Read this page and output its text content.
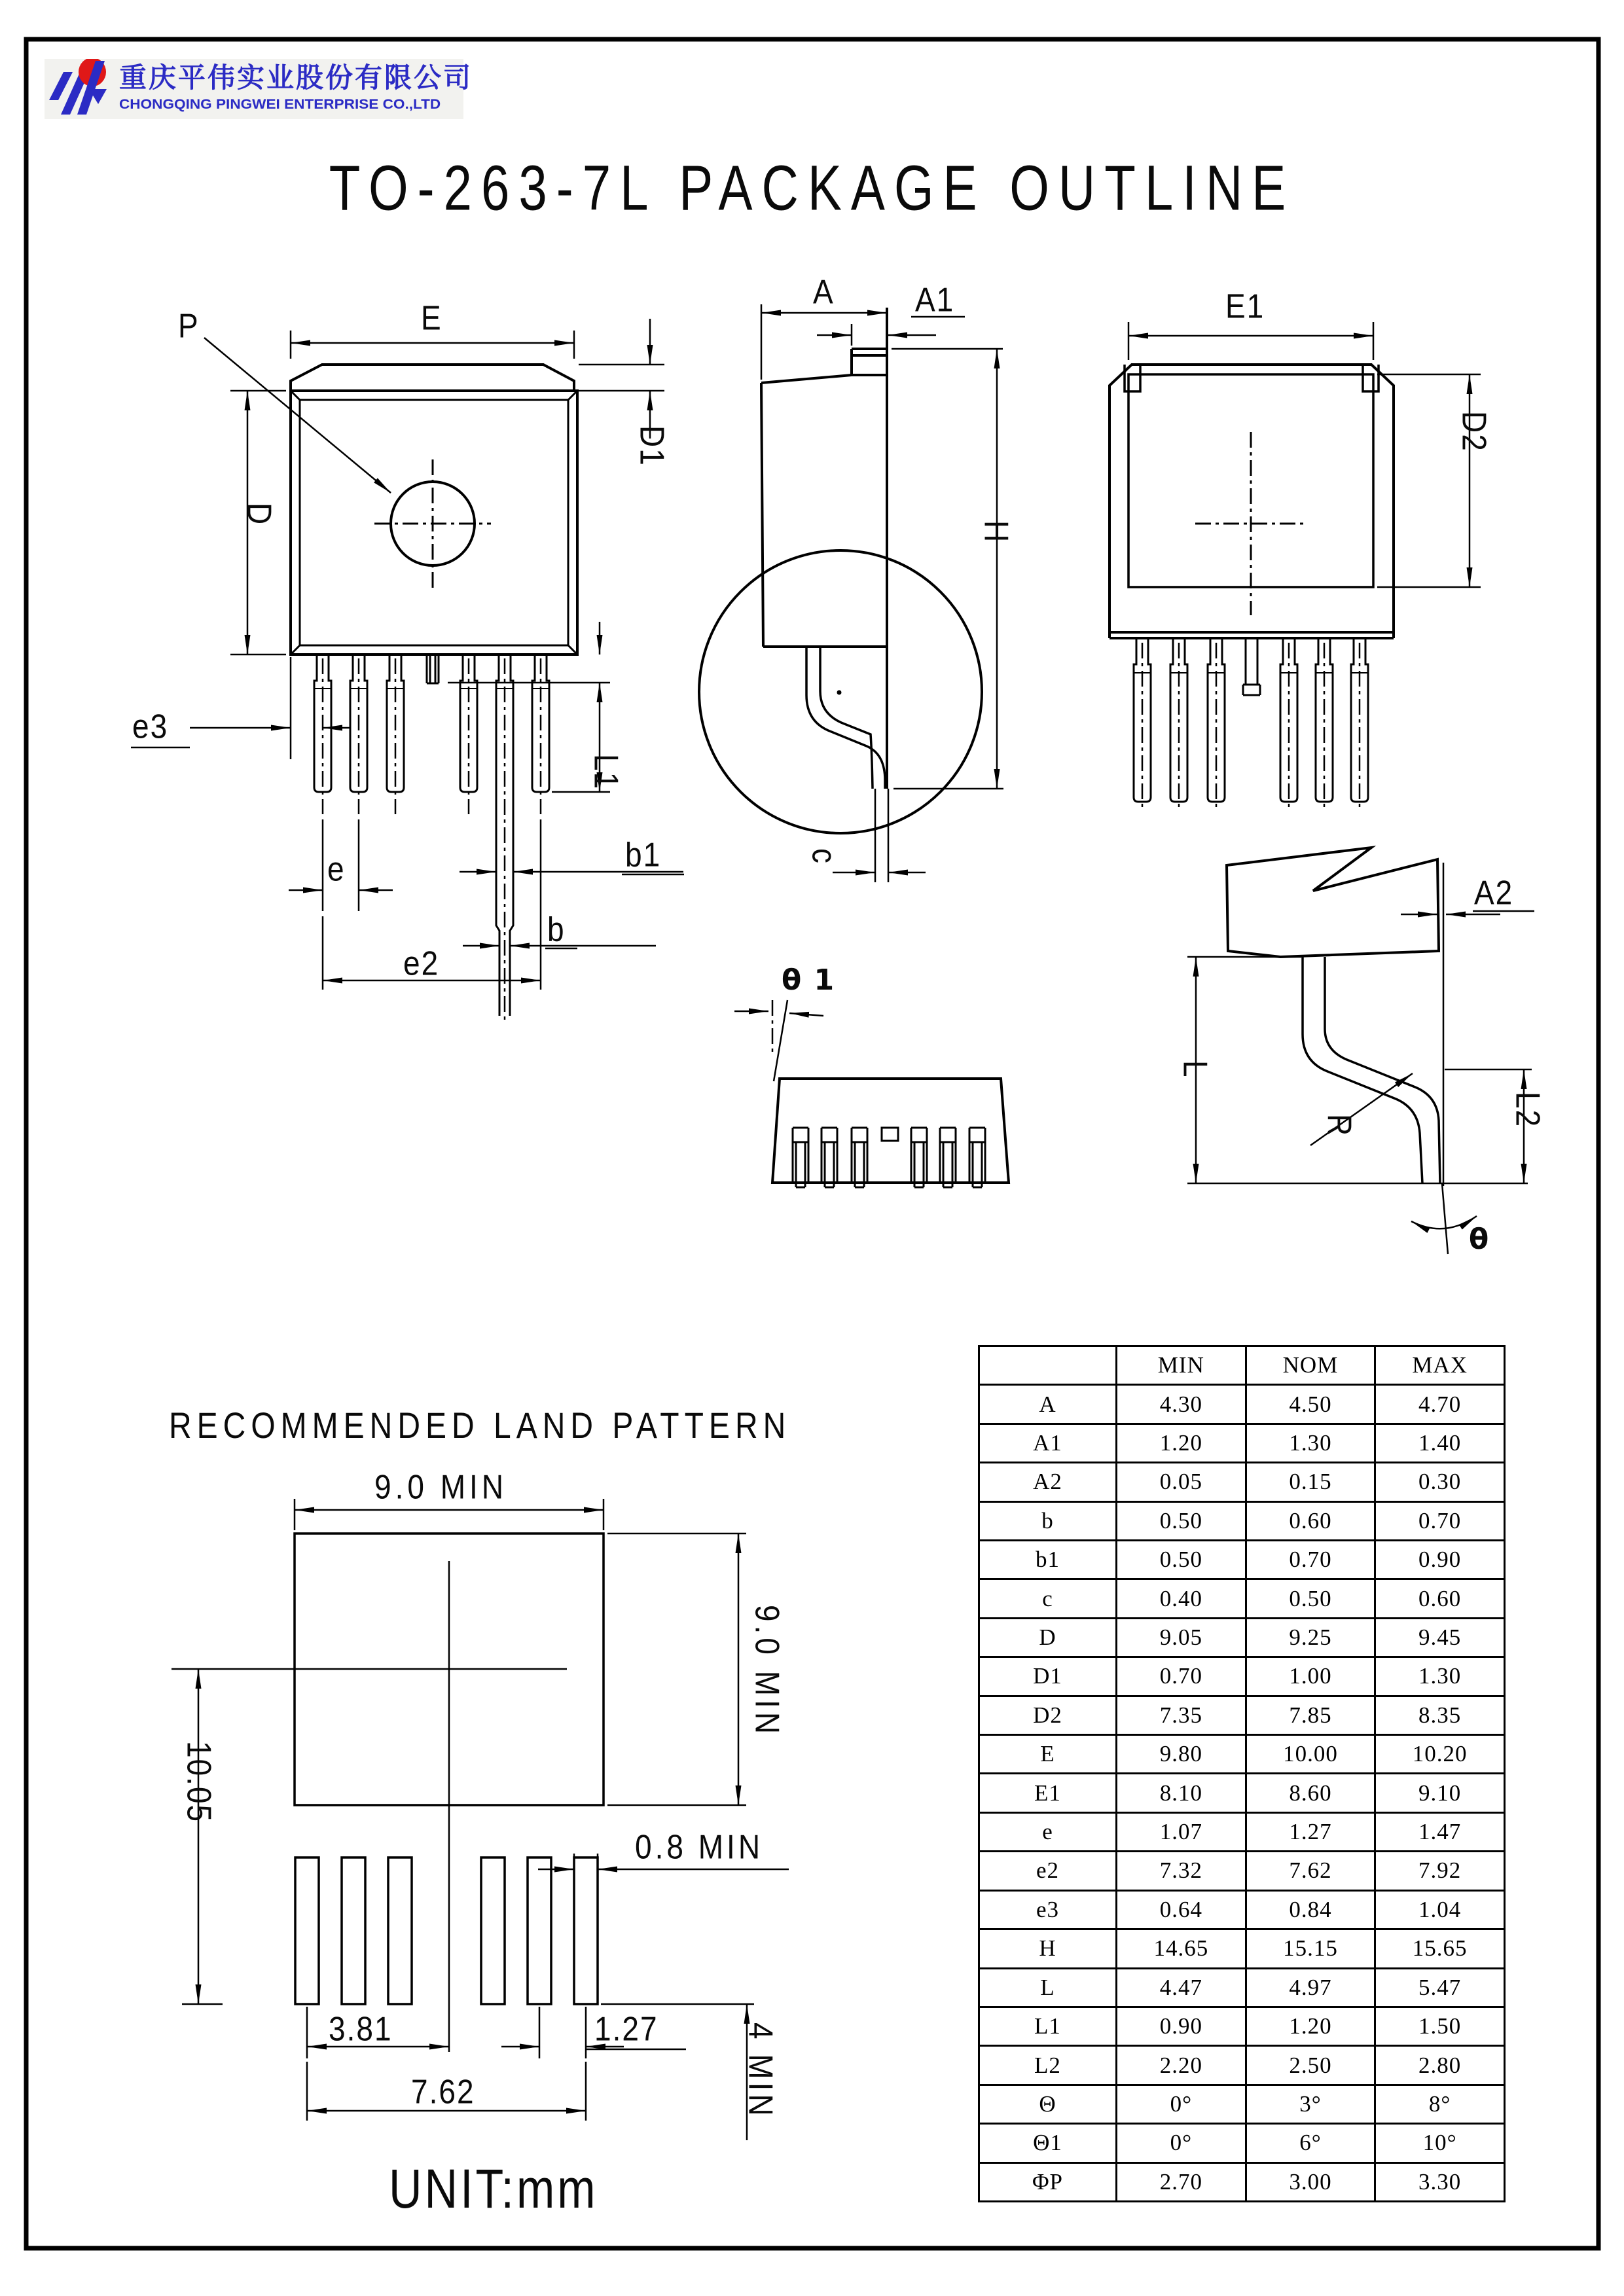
重庆平伟实业股份有限公司
CHONGQING PINGWEI ENTERPRISE CO.,LTD
TO-263-7L PACKAGE OUTLINE
P	E
D
D1
e3
e	b1
b
e2
L1
A	A1
H
c
E1
D2
θ 1
A2
L
R	L2
θ
RECOMMENDED LAND PATTERN
9.0 MIN
9.0 MIN
10.05
0.8 MIN
3.81	1.27
7.62	4 MIN
UNIT:mm
	MIN	NOM	MAX
A	4.30	4.50	4.70
A1	1.20	1.30	1.40
A2	0.05	0.15	0.30
b	0.50	0.60	0.70
b1	0.50	0.70	0.90
c	0.40	0.50	0.60
D	9.05	9.25	9.45
D1	0.70	1.00	1.30
D2	7.35	7.85	8.35
E	9.80	10.00	10.20
E1	8.10	8.60	9.10
e	1.07	1.27	1.47
e2	7.32	7.62	7.92
e3	0.64	0.84	1.04
H	14.65	15.15	15.65
L	4.47	4.97	5.47
L1	0.90	1.20	1.50
L2	2.20	2.50	2.80
Θ	0°	3°	8°
Θ1	0°	6°	10°
ΦP	2.70	3.00	3.30
